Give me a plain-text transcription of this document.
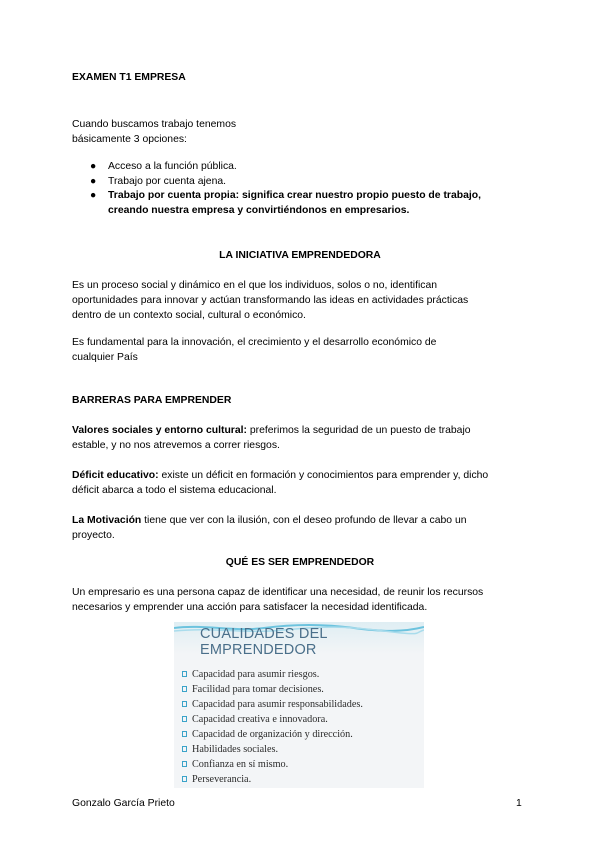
EXAMEN T1 EMPRESA
Cuando buscamos trabajo tenemos
básicamente 3 opciones:
● Acceso a la función pública.
● Trabajo por cuenta ajena.
● Trabajo por cuenta propia: significa crear nuestro propio puesto de trabajo,
creando nuestra empresa y convirtiéndonos en empresarios.
LA INICIATIVA EMPRENDEDORA
Es un proceso social y dinámico en el que los individuos, solos o no, identifican
oportunidades para innovar y actúan transformando las ideas en actividades prácticas
dentro de un contexto social, cultural o económico.
Es fundamental para la innovación, el crecimiento y el desarrollo económico de
cualquier País
BARRERAS PARA EMPRENDER
Valores sociales y entorno cultural: preferimos la seguridad de un puesto de trabajo
estable, y no nos atrevemos a correr riesgos.
Déficit educativo: existe un déficit en formación y conocimientos para emprender y, dicho
déficit abarca a todo el sistema educacional.
La Motivación tiene que ver con la ilusión, con el deseo profundo de llevar a cabo un
proyecto.
QUÉ ES SER EMPRENDEDOR
Un empresario es una persona capaz de identificar una necesidad, de reunir los recursos
necesarios y emprender una acción para satisfacer la necesidad identificada.
CUALIDADES DEL EMPRENDEDOR
Capacidad para asumir riesgos.
Facilidad para tomar decisiones.
Capacidad para asumir responsabilidades.
Capacidad creativa e innovadora.
Capacidad de organización y dirección.
Habilidades sociales.
Confianza en sí mismo.
Perseverancia.
Gonzalo García Prieto	1
